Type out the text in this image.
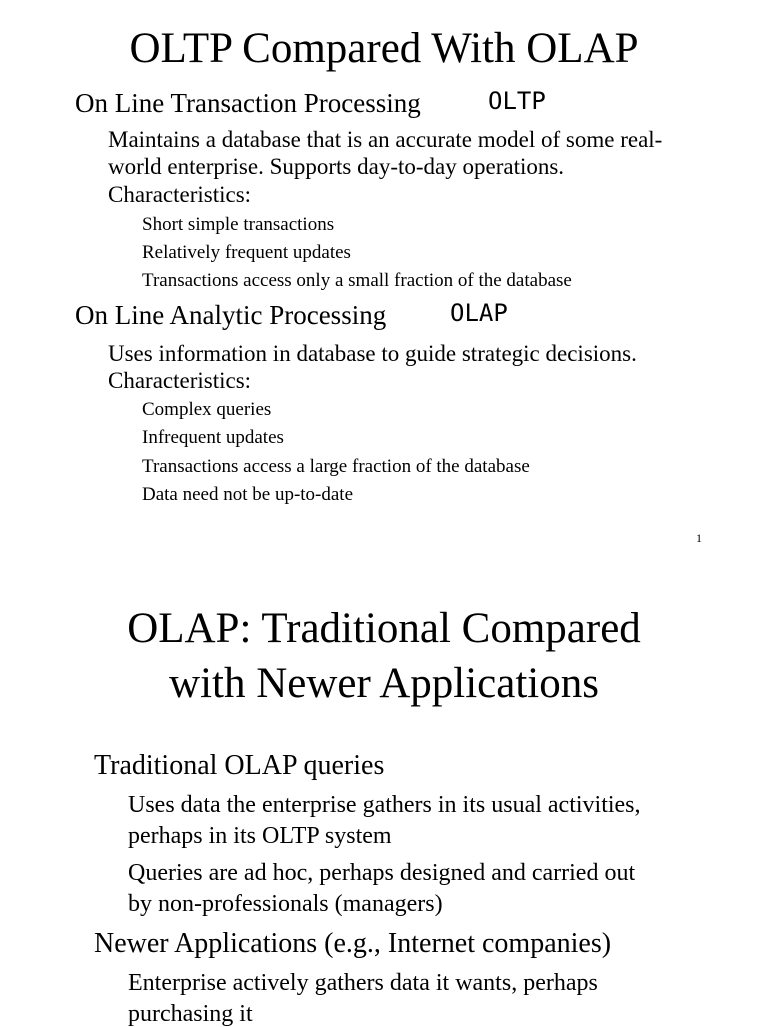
OLTP Compared With OLAP
On Line Transaction Processing	OLTP
Maintains a database that is an accurate model of some real-
world enterprise. Supports day-to-day operations.
Characteristics:
Short simple transactions
Relatively frequent updates
Transactions access only a small fraction of the database
On Line Analytic Processing	OLAP
Uses information in database to guide strategic decisions.
Characteristics:
Complex queries
Infrequent updates
Transactions access a large fraction of the database
Data need not be up-to-date
1
OLAP: Traditional Compared
with Newer Applications
Traditional OLAP queries
Uses data the enterprise gathers in its usual activities,
perhaps in its OLTP system
Queries are ad hoc, perhaps designed and carried out
by non-professionals (managers)
Newer Applications (e.g., Internet companies)
Enterprise actively gathers data it wants, perhaps
purchasing it
